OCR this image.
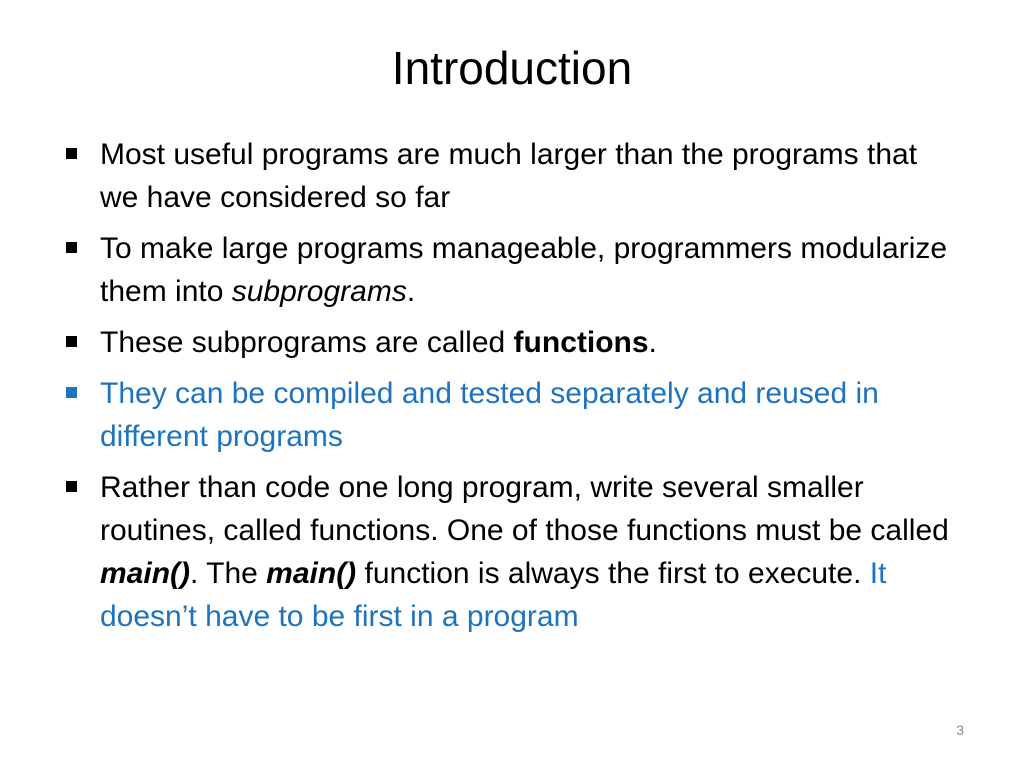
Introduction
Most useful programs are much larger than the programs that we have considered so far
To make large programs manageable, programmers modularize them into subprograms.
These subprograms are called functions.
They can be compiled and tested separately and reused in different programs
Rather than code one long program, write several smaller routines, called functions. One of those functions must be called main(). The main() function is always the first to execute. It doesn’t have to be first in a program
3
